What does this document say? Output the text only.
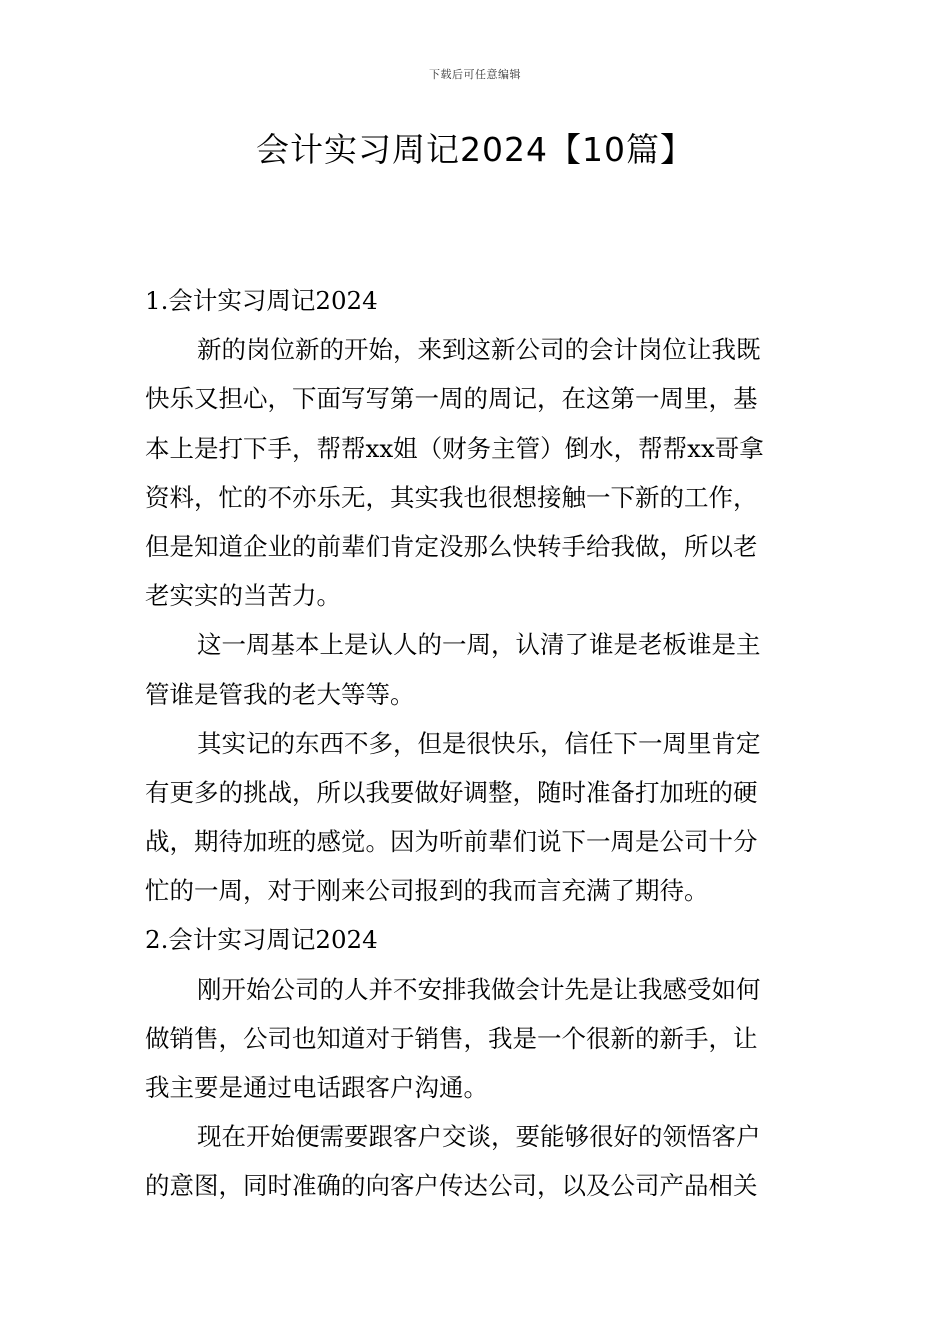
下载后可任意编辑
会计实习周记2024【10篇】
1.会计实习周记2024
新的岗位新的开始，来到这新公司的会计岗位让我既
快乐又担心，下面写写第一周的周记，在这第一周里，基
本上是打下手，帮帮xx姐（财务主管）倒水，帮帮xx哥拿
资料，忙的不亦乐无，其实我也很想接触一下新的工作，
但是知道企业的前辈们肯定没那么快转手给我做，所以老
老实实的当苦力。
这一周基本上是认人的一周，认清了谁是老板谁是主
管谁是管我的老大等等。
其实记的东西不多，但是很快乐，信任下一周里肯定
有更多的挑战，所以我要做好调整，随时准备打加班的硬
战，期待加班的感觉。因为听前辈们说下一周是公司十分
忙的一周，对于刚来公司报到的我而言充满了期待。
2.会计实习周记2024
刚开始公司的人并不安排我做会计先是让我感受如何
做销售，公司也知道对于销售，我是一个很新的新手，让
我主要是通过电话跟客户沟通。
现在开始便需要跟客户交谈，要能够很好的领悟客户
的意图，同时准确的向客户传达公司，以及公司产品相关
